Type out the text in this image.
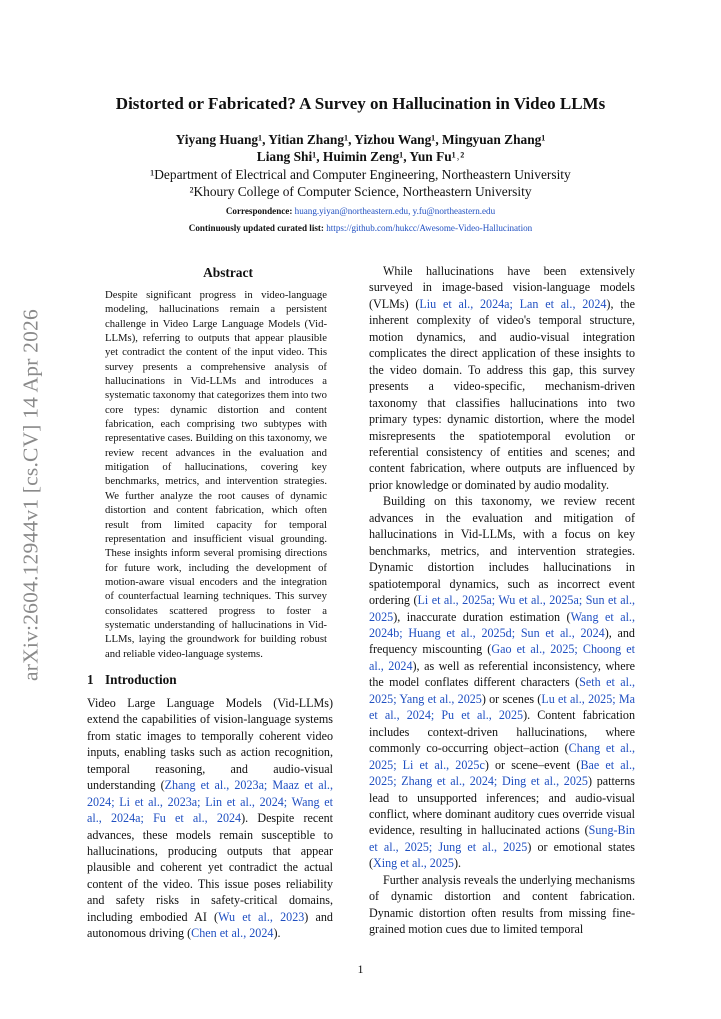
arXiv:2604.12944v1 [cs.CV] 14 Apr 2026
Distorted or Fabricated? A Survey on Hallucination in Video LLMs
Yiyang Huang¹, Yitian Zhang¹, Yizhou Wang¹, Mingyuan Zhang¹
Liang Shi¹, Huimin Zeng¹, Yun Fu¹˒²
¹Department of Electrical and Computer Engineering, Northeastern University
²Khoury College of Computer Science, Northeastern University
Correspondence: huang.yiyan@northeastern.edu, y.fu@northeastern.edu
Continuously updated curated list: https://github.com/hukcc/Awesome-Video-Hallucination
Abstract

Despite significant progress in video-language modeling, hallucinations remain a persistent challenge in Video Large Language Models (Vid-LLMs), referring to outputs that appear plausible yet contradict the content of the input video. This survey presents a comprehensive analysis of hallucinations in Vid-LLMs and introduces a systematic taxonomy that categorizes them into two core types: dynamic distortion and content fabrication, each comprising two subtypes with representative cases. Building on this taxonomy, we review recent advances in the evaluation and mitigation of hallucinations, covering key benchmarks, metrics, and intervention strategies. We further analyze the root causes of dynamic distortion and content fabrication, which often result from limited capacity for temporal representation and insufficient visual grounding. These insights inform several promising directions for future work, including the development of motion-aware visual encoders and the integration of counterfactual learning techniques. This survey consolidates scattered progress to foster a systematic understanding of hallucinations in Vid-LLMs, laying the groundwork for building robust and reliable video-language systems.

1 Introduction

Video Large Language Models (Vid-LLMs) extend the capabilities of vision-language systems from static images to temporally coherent video inputs, enabling tasks such as action recognition, temporal reasoning, and audio-visual understanding (Zhang et al., 2023a; Maaz et al., 2024; Li et al., 2023a; Lin et al., 2024; Wang et al., 2024a; Fu et al., 2024). Despite recent advances, these models remain susceptible to hallucinations, producing outputs that appear plausible and coherent yet contradict the actual content of the video. This issue poses reliability and safety risks in safety-critical domains, including embodied AI (Wu et al., 2023) and autonomous driving (Chen et al., 2024).

While hallucinations have been extensively surveyed in image-based vision-language models (VLMs) (Liu et al., 2024a; Lan et al., 2024), the inherent complexity of video's temporal structure, motion dynamics, and audio-visual integration complicates the direct application of these insights to the video domain. To address this gap, this survey presents a video-specific, mechanism-driven taxonomy that classifies hallucinations into two primary types: dynamic distortion, where the model misrepresents the spatiotemporal evolution or referential consistency of entities and scenes; and content fabrication, where outputs are influenced by prior knowledge or dominated by audio modality.

Building on this taxonomy, we review recent advances in the evaluation and mitigation of hallucinations in Vid-LLMs, with a focus on key benchmarks, metrics, and intervention strategies. Dynamic distortion includes hallucinations in spatiotemporal dynamics, such as incorrect event ordering (Li et al., 2025a; Wu et al., 2025a; Sun et al., 2025), inaccurate duration estimation (Wang et al., 2024b; Huang et al., 2025d; Sun et al., 2024), and frequency miscounting (Gao et al., 2025; Choong et al., 2024), as well as referential inconsistency, where the model conflates different characters (Seth et al., 2025; Yang et al., 2025) or scenes (Lu et al., 2025; Ma et al., 2024; Pu et al., 2025). Content fabrication includes context-driven hallucinations, where commonly co-occurring object–action (Chang et al., 2025; Li et al., 2025c) or scene–event (Bae et al., 2025; Zhang et al., 2024; Ding et al., 2025) patterns lead to unsupported inferences; and audio-visual conflict, where dominant auditory cues override visual evidence, resulting in hallucinated actions (Sung-Bin et al., 2025; Jung et al., 2025) or emotional states (Xing et al., 2025).

Further analysis reveals the underlying mechanisms of dynamic distortion and content fabrication. Dynamic distortion often results from missing fine-grained motion cues due to limited temporal

1
